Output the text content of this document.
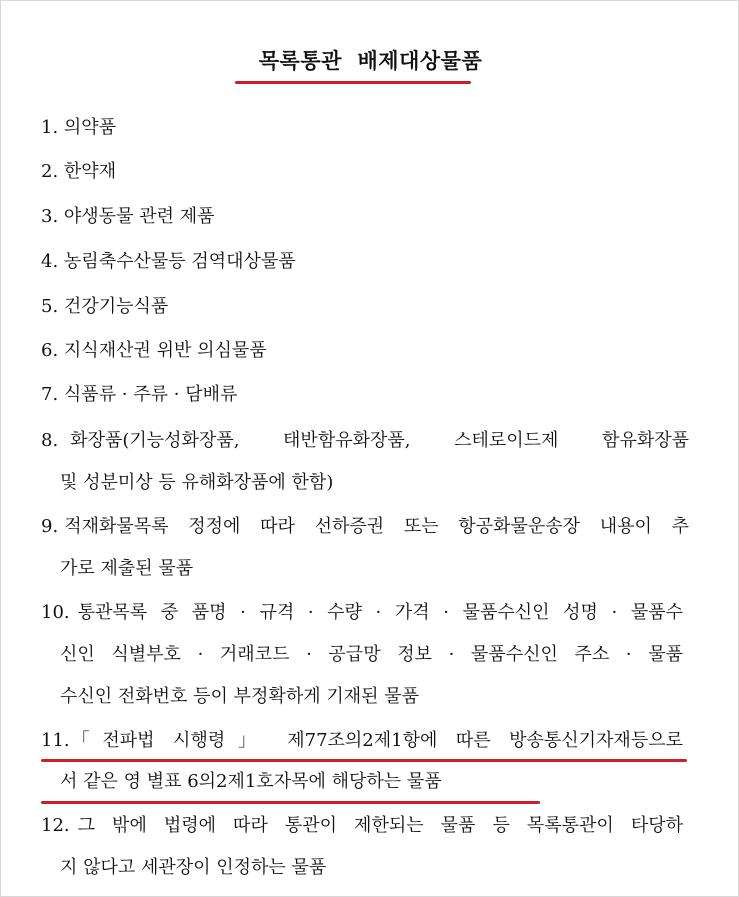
목록통관  배제대상물품
1. 의약품
2. 한약재
3. 야생동물 관련 제품
4. 농림축수산물등 검역대상물품
5. 건강기능식품
6. 지식재산권 위반 의심물품
7. 식품류 · 주류 · 담배류
8. 화장품(기능성화장품, 태반함유화장품, 스테로이드제 함유화장품
및 성분미상 등 유해화장품에 한함)
9. 적재화물목록 정정에 따라 선하증권 또는 항공화물운송장 내용이 추
가로 제출된 물품
10. 통관목록 중 품명 · 규격 · 수량 · 가격 · 물품수신인 성명 · 물품수
신인 식별부호 · 거래코드 · 공급망 정보 · 물품수신인 주소 · 물품
수신인 전화번호 등이 부정확하게 기재된 물품
11. 「전파법 시행령」 제77조의2제1항에 따른 방송통신기자재등으로
서 같은 영 별표 6의2제1호자목에 해당하는 물품
12. 그 밖에 법령에 따라 통관이 제한되는 물품 등 목록통관이 타당하
지 않다고 세관장이 인정하는 물품
